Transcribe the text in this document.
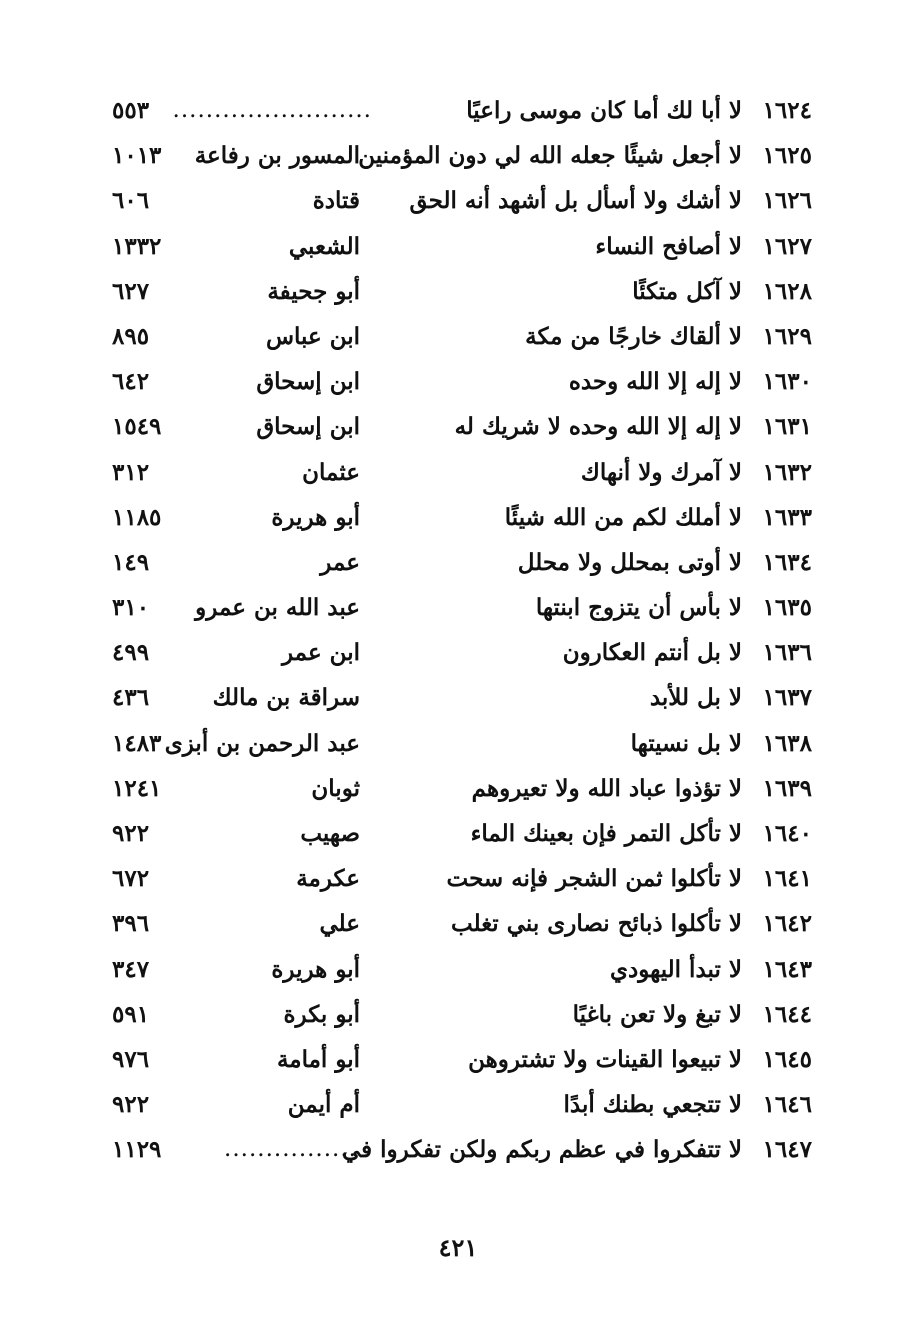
١٦٢٤
لا أبا لك أما كان موسى راعيًا
........................
٥٥٣
١٦٢٥
لا أجعل شيئًا جعله الله لي دون المؤمنين
المسور بن رفاعة
١٠١٣
١٦٢٦
لا أشك ولا أسأل بل أشهد أنه الحق
قتادة
٦٠٦
١٦٢٧
لا أصافح النساء
الشعبي
١٣٣٢
١٦٢٨
لا آكل متكئًا
أبو جحيفة
٦٢٧
١٦٢٩
لا ألقاك خارجًا من مكة
ابن عباس
٨٩٥
١٦٣٠
لا إله إلا الله وحده
ابن إسحاق
٦٤٢
١٦٣١
لا إله إلا الله وحده لا شريك له
ابن إسحاق
١٥٤٩
١٦٣٢
لا آمرك ولا أنهاك
عثمان
٣١٢
١٦٣٣
لا أملك لكم من الله شيئًا
أبو هريرة
١١٨٥
١٦٣٤
لا أوتى بمحلل ولا محلل
عمر
١٤٩
١٦٣٥
لا بأس أن يتزوج ابنتها
عبد الله بن عمرو
٣١٠
١٦٣٦
لا بل أنتم العكارون
ابن عمر
٤٩٩
١٦٣٧
لا بل للأبد
سراقة بن مالك
٤٣٦
١٦٣٨
لا بل نسيتها
عبد الرحمن بن أبزى
١٤٨٣
١٦٣٩
لا تؤذوا عباد الله ولا تعيروهم
ثوبان
١٢٤١
١٦٤٠
لا تأكل التمر فإن بعينك الماء
صهيب
٩٢٢
١٦٤١
لا تأكلوا ثمن الشجر فإنه سحت
عكرمة
٦٧٢
١٦٤٢
لا تأكلوا ذبائح نصارى بني تغلب
علي
٣٩٦
١٦٤٣
لا تبدأ اليهودي
أبو هريرة
٣٤٧
١٦٤٤
لا تبغ ولا تعن باغيًا
أبو بكرة
٥٩١
١٦٤٥
لا تبيعوا القينات ولا تشتروهن
أبو أمامة
٩٧٦
١٦٤٦
لا تتجعي بطنك أبدًا
أم أيمن
٩٢٢
١٦٤٧
لا تتفكروا في عظم ربكم ولكن تفكروا في
................
١١٢٩
٤٢١
